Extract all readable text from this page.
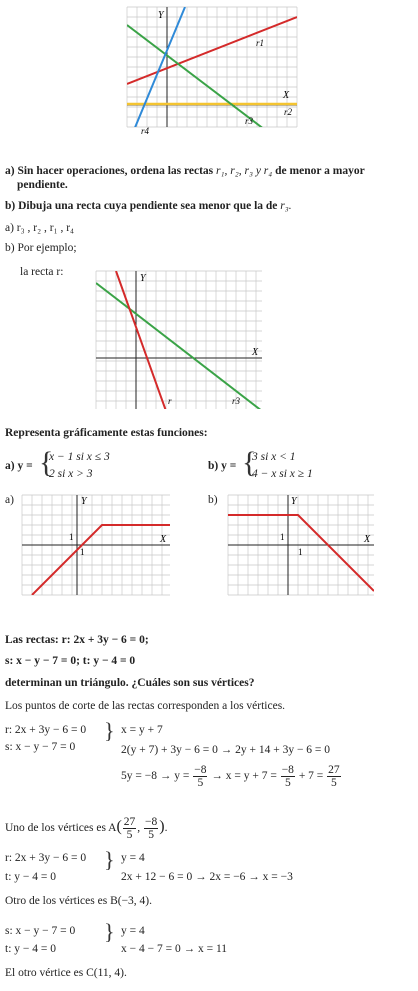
Y
X
r1
r2
r3
r4
a) Sin hacer operaciones, ordena las rectas r₁, r₂, r₃ y r₄ de menor a mayor
pendiente.
b) Dibuja una recta cuya pendiente sea menor que la de r₃.
a) r₃ , r₂ , r₁ , r₄
b) Por ejemplo;
la recta r:
Y
X
r	r3
Representa gráficamente estas funciones:
a) y = {
x − 1 si x ≤ 3
2 si x > 3
b) y = {
3 si x < 1
4 − x si x ≥ 1
a)	b)
Y
X
1
1
Y
X
1
1
Las rectas: r: 2x + 3y − 6 = 0;
s: x − y − 7 = 0; t: y − 4 = 0
determinan un triángulo. ¿Cuáles son sus vértices?
Los puntos de corte de las rectas corresponden a los vértices.
r: 2x + 3y − 6 = 0
s: x − y − 7 = 0
} x = y + 7
2(y + 7) + 3y − 6 = 0 → 2y + 14 + 3y − 6 = 0
$5y = -8 \to y = \frac{-8}{5} \to x = y + 7 = \frac{-8}{5} + 7 = \frac{27}{5}$
Uno de los vértices es $A( \frac{27}{5}$ , $\frac{-8}{5}$ ).
r: 2x + 3y − 6 = 0
t: y − 4 = 0
} y = 4
2x + 12 − 6 = 0 → 2x = −6 → x = −3
Otro de los vértices es B(−3, 4).
s: x − y − 7 = 0
t: y − 4 = 0
} y = 4
x − 4 − 7 = 0 → x = 11
El otro vértice es C(11, 4).
